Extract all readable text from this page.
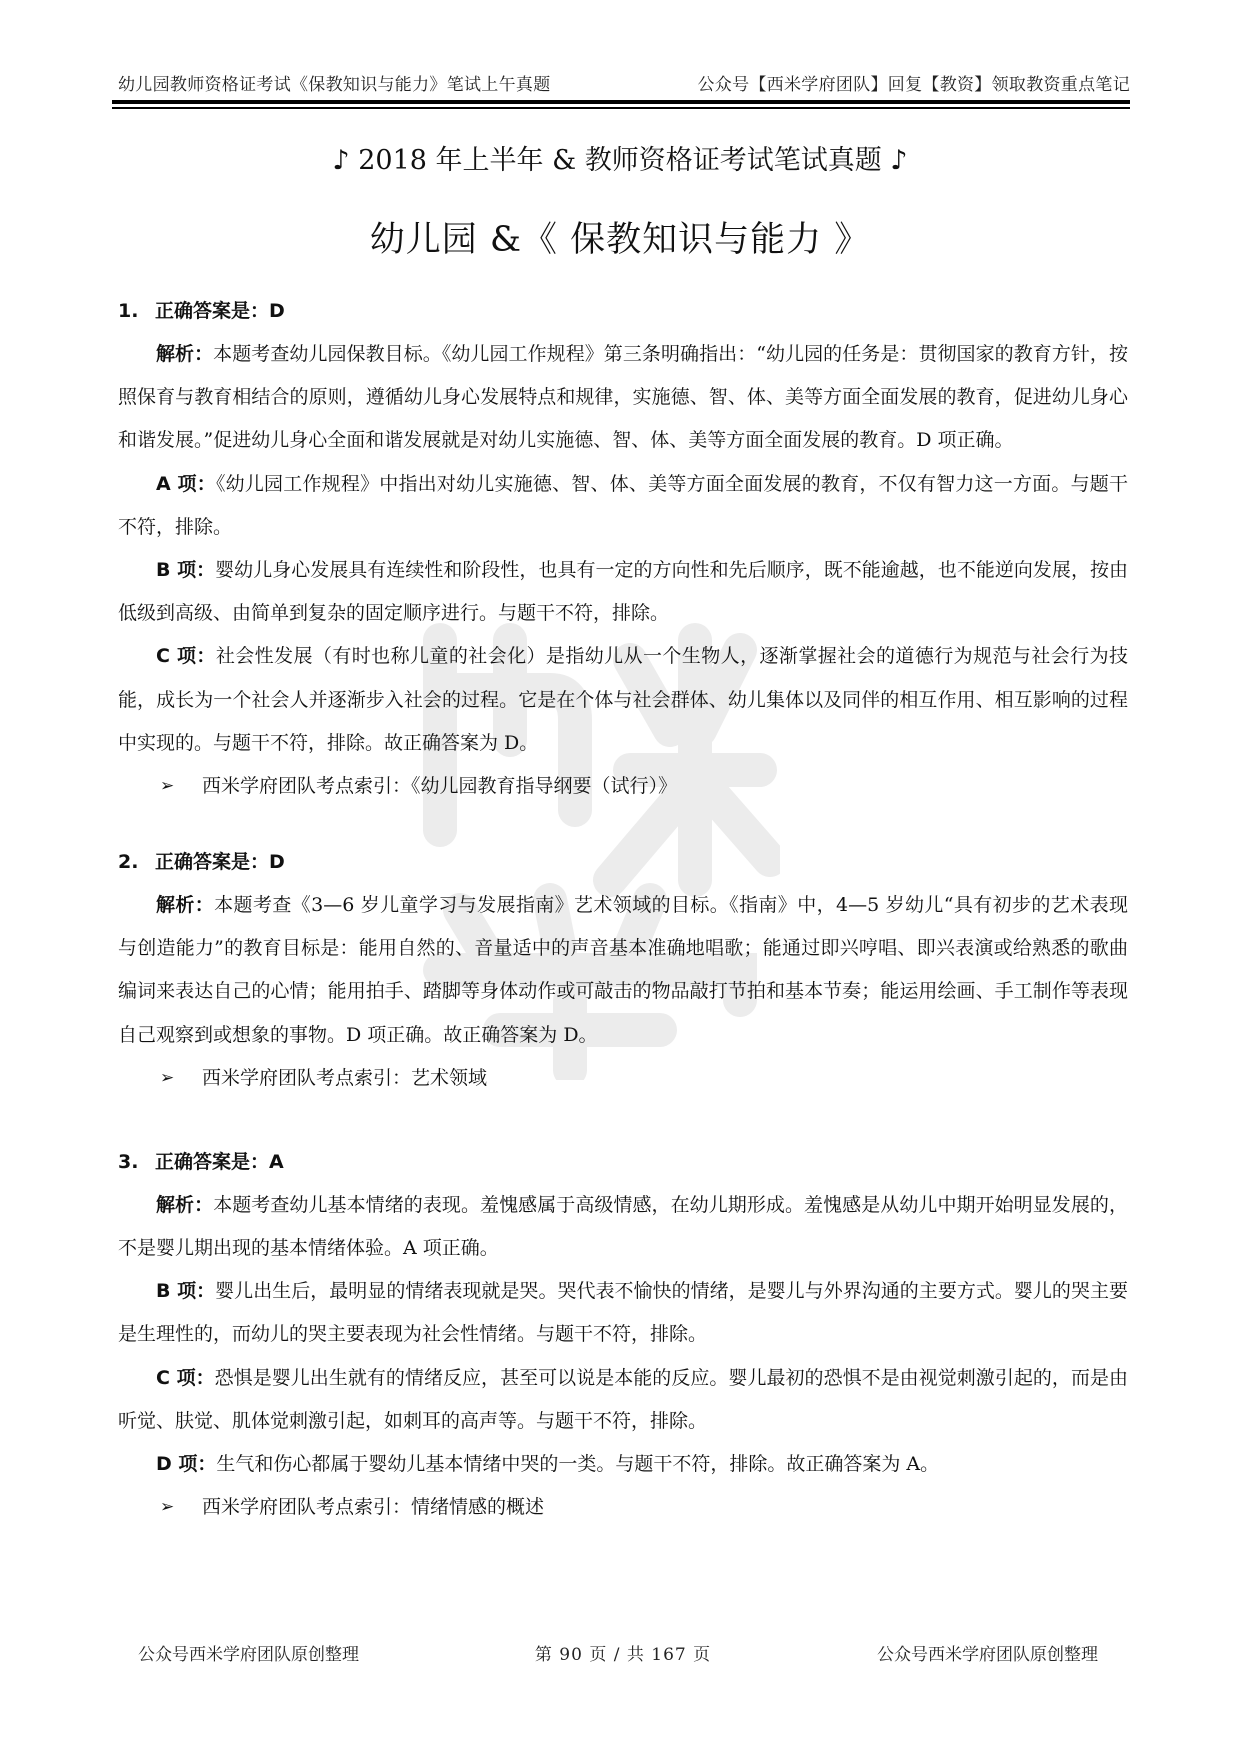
幼儿园教师资格证考试《保教知识与能力》笔试上午真题	公众号【西米学府团队】回复【教资】领取教资重点笔记
♪ 2018 年上半年 & 教师资格证考试笔试真题 ♪
幼儿园 &《 保教知识与能力 》
1. 正确答案是：D

解析：本题考查幼儿园保教目标。《幼儿园工作规程》第三条明确指出：“幼儿园的任务是：贯彻国家的教育方针，按照保育与教育相结合的原则，遵循幼儿身心发展特点和规律，实施德、智、体、美等方面全面发展的教育，促进幼儿身心和谐发展。”促进幼儿身心全面和谐发展就是对幼儿实施德、智、体、美等方面全面发展的教育。D 项正确。

A 项：《幼儿园工作规程》中指出对幼儿实施德、智、体、美等方面全面发展的教育，不仅有智力这一方面。与题干不符，排除。

B 项：婴幼儿身心发展具有连续性和阶段性，也具有一定的方向性和先后顺序，既不能逾越，也不能逆向发展，按由低级到高级、由简单到复杂的固定顺序进行。与题干不符，排除。

C 项：社会性发展（有时也称儿童的社会化）是指幼儿从一个生物人，逐渐掌握社会的道德行为规范与社会行为技能，成长为一个社会人并逐渐步入社会的过程。它是在个体与社会群体、幼儿集体以及同伴的相互作用、相互影响的过程中实现的。与题干不符，排除。故正确答案为 D。

➢	西米学府团队考点索引：《幼儿园教育指导纲要（试行）》
2. 正确答案是：D

解析：本题考查《3—6 岁儿童学习与发展指南》艺术领域的目标。《指南》中，4—5 岁幼儿“具有初步的艺术表现与创造能力”的教育目标是：能用自然的、音量适中的声音基本准确地唱歌；能通过即兴哼唱、即兴表演或给熟悉的歌曲编词来表达自己的心情；能用拍手、踏脚等身体动作或可敲击的物品敲打节拍和基本节奏；能运用绘画、手工制作等表现自己观察到或想象的事物。D 项正确。故正确答案为 D。

➢	西米学府团队考点索引：艺术领域
3. 正确答案是：A

解析：本题考查幼儿基本情绪的表现。羞愧感属于高级情感，在幼儿期形成。羞愧感是从幼儿中期开始明显发展的，不是婴儿期出现的基本情绪体验。A 项正确。

B 项：婴儿出生后，最明显的情绪表现就是哭。哭代表不愉快的情绪，是婴儿与外界沟通的主要方式。婴儿的哭主要是生理性的，而幼儿的哭主要表现为社会性情绪。与题干不符，排除。

C 项：恐惧是婴儿出生就有的情绪反应，甚至可以说是本能的反应。婴儿最初的恐惧不是由视觉刺激引起的，而是由听觉、肤觉、肌体觉刺激引起，如刺耳的高声等。与题干不符，排除。

D 项：生气和伤心都属于婴幼儿基本情绪中哭的一类。与题干不符，排除。故正确答案为 A。

➢	西米学府团队考点索引：情绪情感的概述
公众号西米学府团队原创整理	第 90 页 / 共 167 页	公众号西米学府团队原创整理
